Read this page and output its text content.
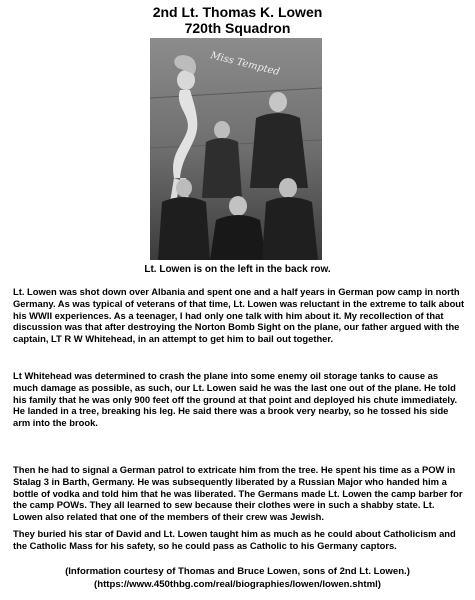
2nd Lt. Thomas K. Lowen
720th Squadron
Miss Tempted
Lt. Lowen is on the left in the back row.

Lt. Lowen was shot down over Albania and spent one and a half years in German pow camp in north Germany. As was typical of veterans of that time, Lt. Lowen was reluctant in the extreme to talk about his WWII experiences. As a teenager, I had only one talk with him about it. My recollection of that discussion was that after destroying the Norton Bomb Sight on the plane, our father argued with the captain, LT R W Whitehead, in an attempt to get him to bail out together.

Lt Whitehead was determined to crash the plane into some enemy oil storage tanks to cause as much damage as possible, as such, our Lt. Lowen said he was the last one out of the plane. He told his family that he was only 900 feet off the ground at that point and deployed his chute immediately. He landed in a tree, breaking his leg. He said there was a brook very nearby, so he tossed his side arm into the brook.

Then he had to signal a German patrol to extricate him from the tree. He spent his time as a POW in Stalag 3 in Barth, Germany. He was subsequently liberated by a Russian Major who handed him a bottle of vodka and told him that he was liberated. The Germans made Lt. Lowen the camp barber for the camp POWs. They all learned to sew because their clothes were in such a shabby state. Lt. Lowen also related that one of the members of their crew was Jewish.

They buried his star of David and Lt. Lowen taught him as much as he could about Catholicism and the Catholic Mass for his safety, so he could pass as Catholic to his Germany captors.

(Information courtesy of Thomas and Bruce Lowen, sons of 2nd Lt. Lowen.)
(https://www.450thbg.com/real/biographies/lowen/lowen.shtml)
